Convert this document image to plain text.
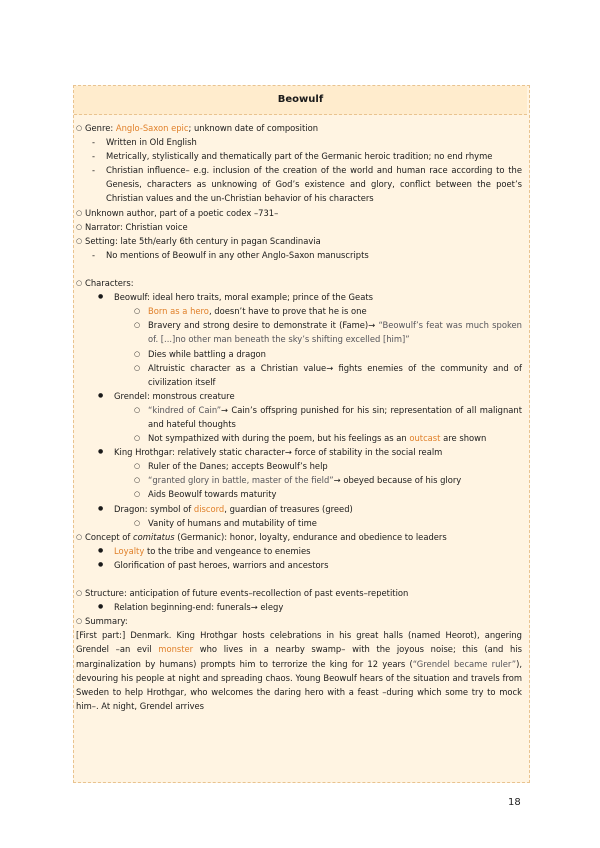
Beowulf
○ Genre: Anglo-Saxon epic; unknown date of composition
- Written in Old English
- Metrically, stylistically and thematically part of the Germanic heroic tradition; no end rhyme
- Christian influence– e.g. inclusion of the creation of the world and human race according to the Genesis, characters as unknowing of God’s existence and glory, conflict between the poet’s Christian values and the un-Christian behavior of his characters
○ Unknown author, part of a poetic codex –731–
○ Narrator: Christian voice
○ Setting: late 5th/early 6th century in pagan Scandinavia
- No mentions of Beowulf in any other Anglo-Saxon manuscripts
○ Characters:
● Beowulf: ideal hero traits, moral example; prince of the Geats
○ Born as a hero, doesn’t have to prove that he is one
○ Bravery and strong desire to demonstrate it (Fame)→ “Beowulf’s feat was much spoken of. [...]no other man beneath the sky’s shifting excelled [him]”
○ Dies while battling a dragon
○ Altruistic character as a Christian value→ fights enemies of the community and of civilization itself
● Grendel: monstrous creature
○ “kindred of Cain”→ Cain’s offspring punished for his sin; representation of all malignant and hateful thoughts
○ Not sympathized with during the poem, but his feelings as an outcast are shown
● King Hrothgar: relatively static character→ force of stability in the social realm
○ Ruler of the Danes; accepts Beowulf’s help
○ “granted glory in battle, master of the field”→ obeyed because of his glory
○ Aids Beowulf towards maturity
● Dragon: symbol of discord, guardian of treasures (greed)
○ Vanity of humans and mutability of time
○ Concept of comitatus (Germanic): honor, loyalty, endurance and obedience to leaders
● Loyalty to the tribe and vengeance to enemies
● Glorification of past heroes, warriors and ancestors
○ Structure: anticipation of future events–recollection of past events–repetition
● Relation beginning-end: funerals→ elegy
○ Summary:
[First part:] Denmark. King Hrothgar hosts celebrations in his great halls (named Heorot), angering Grendel –an evil monster who lives in a nearby swamp– with the joyous noise; this (and his marginalization by humans) prompts him to terrorize the king for 12 years (“Grendel became ruler”), devouring his people at night and spreading chaos. Young Beowulf hears of the situation and travels from Sweden to help Hrothgar, who welcomes the daring hero with a feast –during which some try to mock him–. At night, Grendel arrives
18
